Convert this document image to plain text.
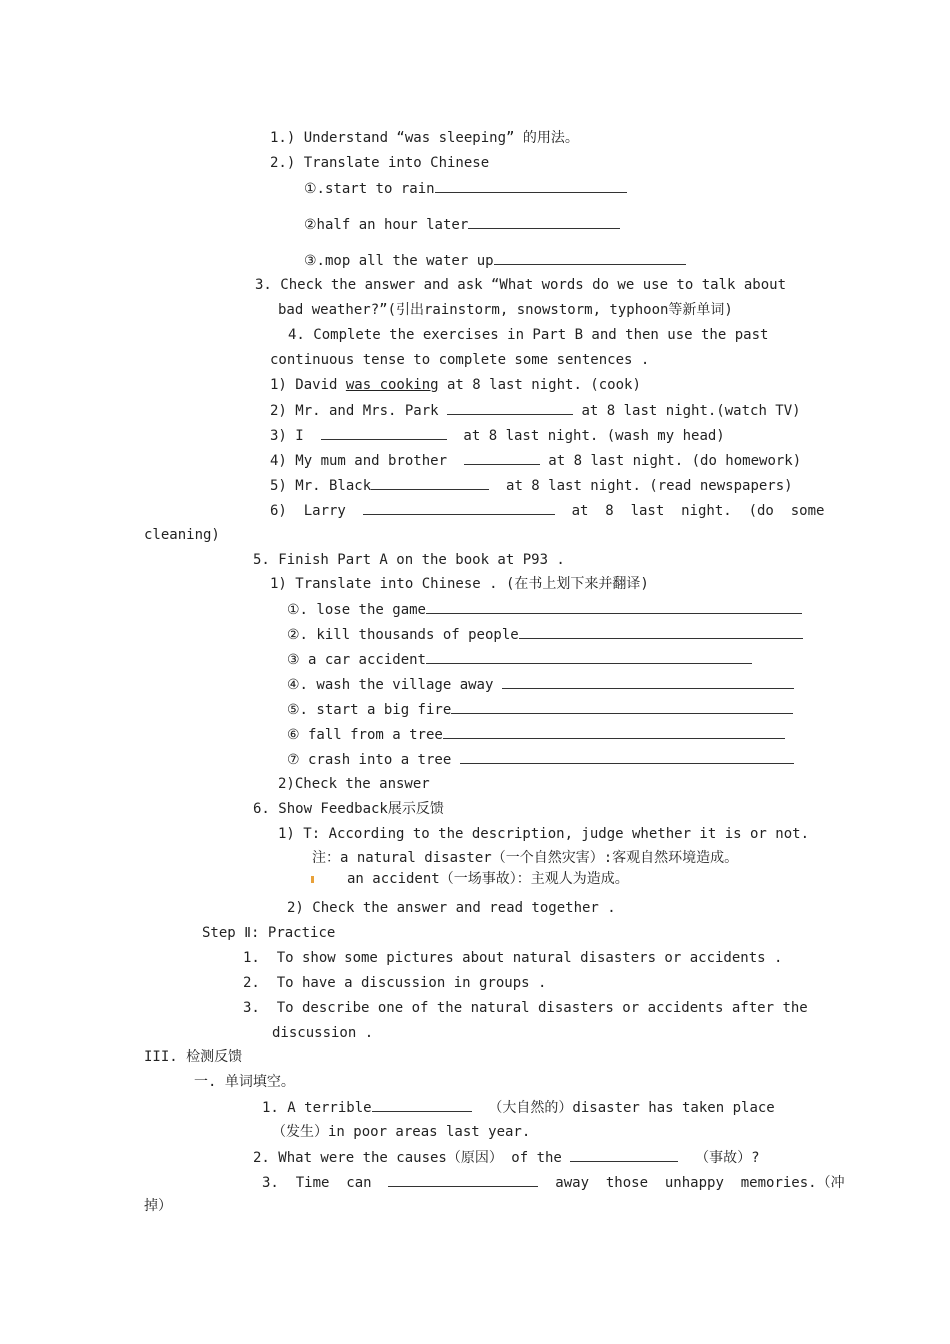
1.) Understand “was sleeping” 的用法。
2.) Translate into Chinese
①.start to rain
②half an hour later
③.mop all the water up
3. Check the answer and ask “What words do we use to talk about
bad weather?”(引出rainstorm, snowstorm, typhoon等新单词)
4. Complete the exercises in Part B and then use the past
continuous tense to complete some sentences .
1) David was cooking at 8 last night. (cook)
2) Mr. and Mrs. Park	at 8 last night.(watch TV)
3) I	at 8 last night. (wash my head)
4) My mum and brother	at 8 last night. (do homework)
5) Mr. Black	at 8 last night. (read newspapers)
6)  Larry	at  8  last  night.  (do  some
cleaning)
5. Finish Part A on the book at P93 .
1) Translate into Chinese . (在书上划下来并翻译)
①. lose the game
②. kill thousands of people
③ a car accident
④. wash the village away
⑤. start a big fire
⑥ fall from a tree
⑦ crash into a tree
2)Check the answer
6. Show Feedback展示反馈
1) T: According to the description, judge whether it is or not.
注：a natural disaster（一个自然灾害）:客观自然环境造成。
an accident（一场事故）：主观人为造成。
2) Check the answer and read together .
Step Ⅱ: Practice
1.  To show some pictures about natural disasters or accidents .
2.  To have a discussion in groups .
3.  To describe one of the natural disasters or accidents after the
discussion .
III. 检测反馈
一. 单词填空。
1. A terrible	（大自然的）disaster has taken place
（发生）in poor areas last year.
2. What were the causes（原因） of the	（事故）?
3.  Time  can	away  those  unhappy  memories.（冲
掉）
